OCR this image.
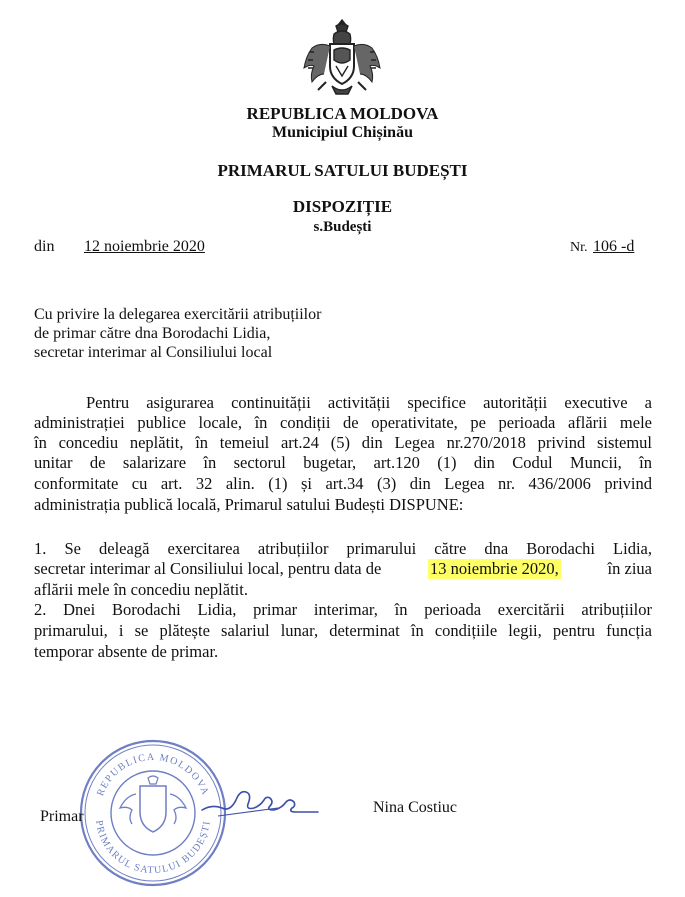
REPUBLICA MOLDOVA
Municipiul Chișinău
PRIMARUL SATULUI BUDEȘTI
DISPOZIȚIE
s.Budești
din	12 noiembrie 2020	Nr. 106 -d
Cu privire la delegarea exercitării atribuțiilor
de primar către dna Borodachi Lidia,
secretar interimar al Consiliului local
Pentru asigurarea continuității activității specifice autorității executive a
administrației publice locale, în condiții de operativitate, pe perioada aflării mele
în concediu neplătit, în temeiul art.24 (5) din Legea nr.270/2018 privind sistemul
unitar de salarizare în sectorul bugetar, art.120 (1) din Codul Muncii, în
conformitate cu art. 32 alin. (1) și art.34 (3) din Legea nr. 436/2006 privind
administrația publică locală, Primarul satului Budești DISPUNE:
1. Se deleagă exercitarea atribuțiilor primarului către dna Borodachi Lidia,
secretar interimar al Consiliului local, pentru data de	13 noiembrie 2020,	în ziua
aflării mele în concediu neplătit.
2. Dnei Borodachi Lidia, primar interimar, în perioada exercitării atribuțiilor
primarului, i se plătește salariul lunar, determinat în condițiile legii, pentru funcția
temporar absente de primar.
REPUBLICA MOLDOVA
PRIMARUL SATULUI BUDEȘTI
Primar
Nina Costiuc
